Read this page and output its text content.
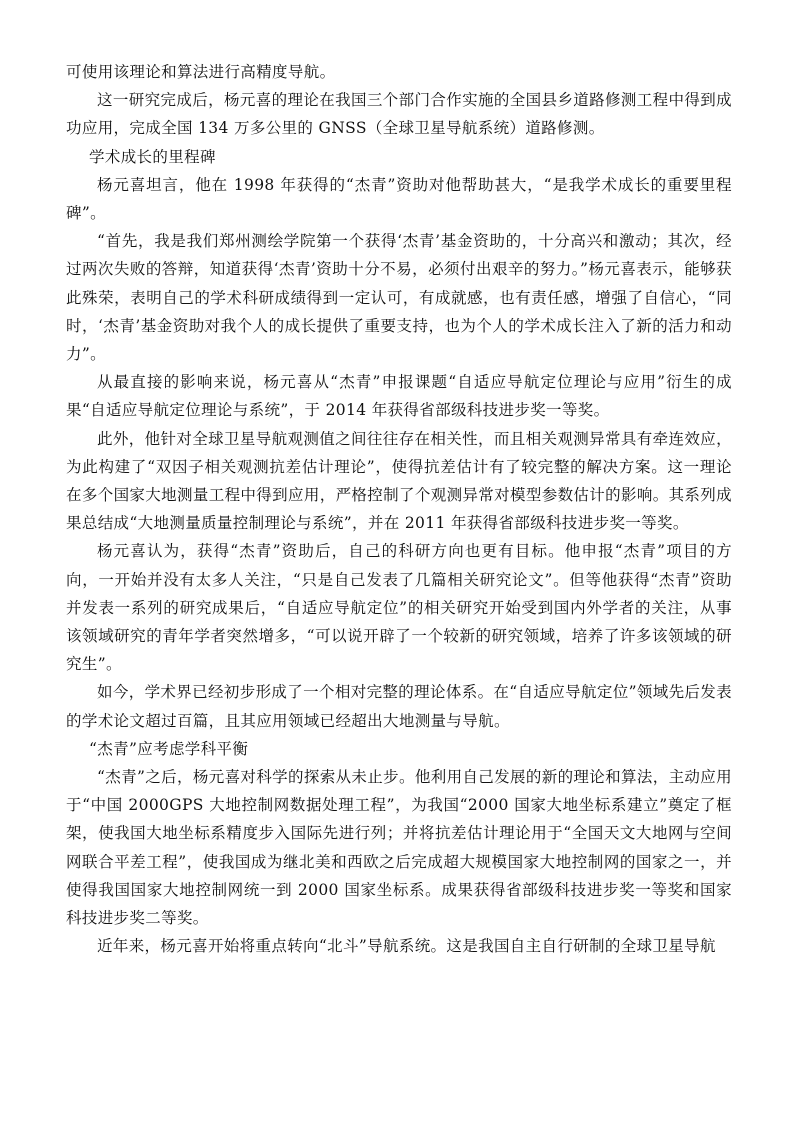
可使用该理论和算法进行高精度导航。

这一研究完成后，杨元喜的理论在我国三个部门合作实施的全国县乡道路修测工程中得到成功应用，完成全国 134 万多公里的 GNSS（全球卫星导航系统）道路修测。

学术成长的里程碑

杨元喜坦言，他在 1998 年获得的“杰青”资助对他帮助甚大，“是我学术成长的重要里程碑”。

“首先，我是我们郑州测绘学院第一个获得‘杰青’基金资助的，十分高兴和激动；其次，经过两次失败的答辩，知道获得‘杰青’资助十分不易，必须付出艰辛的努力。”杨元喜表示，能够获此殊荣，表明自己的学术科研成绩得到一定认可，有成就感，也有责任感，增强了自信心，“同时，‘杰青’基金资助对我个人的成长提供了重要支持，也为个人的学术成长注入了新的活力和动力”。

从最直接的影响来说，杨元喜从“杰青”申报课题“自适应导航定位理论与应用”衍生的成果“自适应导航定位理论与系统”，于 2014 年获得省部级科技进步奖一等奖。

此外，他针对全球卫星导航观测值之间往往存在相关性，而且相关观测异常具有牵连效应，为此构建了“双因子相关观测抗差估计理论”，使得抗差估计有了较完整的解决方案。这一理论在多个国家大地测量工程中得到应用，严格控制了个观测异常对模型参数估计的影响。其系列成果总结成“大地测量质量控制理论与系统”，并在 2011 年获得省部级科技进步奖一等奖。

杨元喜认为，获得“杰青”资助后，自己的科研方向也更有目标。他申报“杰青”项目的方向，一开始并没有太多人关注，“只是自己发表了几篇相关研究论文”。但等他获得“杰青”资助并发表一系列的研究成果后，“自适应导航定位”的相关研究开始受到国内外学者的关注，从事该领域研究的青年学者突然增多，“可以说开辟了一个较新的研究领域，培养了许多该领域的研究生”。

如今，学术界已经初步形成了一个相对完整的理论体系。在“自适应导航定位”领域先后发表的学术论文超过百篇，且其应用领域已经超出大地测量与导航。

“杰青”应考虑学科平衡

“杰青”之后，杨元喜对科学的探索从未止步。他利用自己发展的新的理论和算法，主动应用于“中国 2000GPS 大地控制网数据处理工程”，为我国“2000 国家大地坐标系建立”奠定了框架，使我国大地坐标系精度步入国际先进行列；并将抗差估计理论用于“全国天文大地网与空间网联合平差工程”，使我国成为继北美和西欧之后完成超大规模国家大地控制网的国家之一，并使得我国国家大地控制网统一到 2000 国家坐标系。成果获得省部级科技进步奖一等奖和国家科技进步奖二等奖。

近年来，杨元喜开始将重点转向“北斗”导航系统。这是我国自主自行研制的全球卫星导航
